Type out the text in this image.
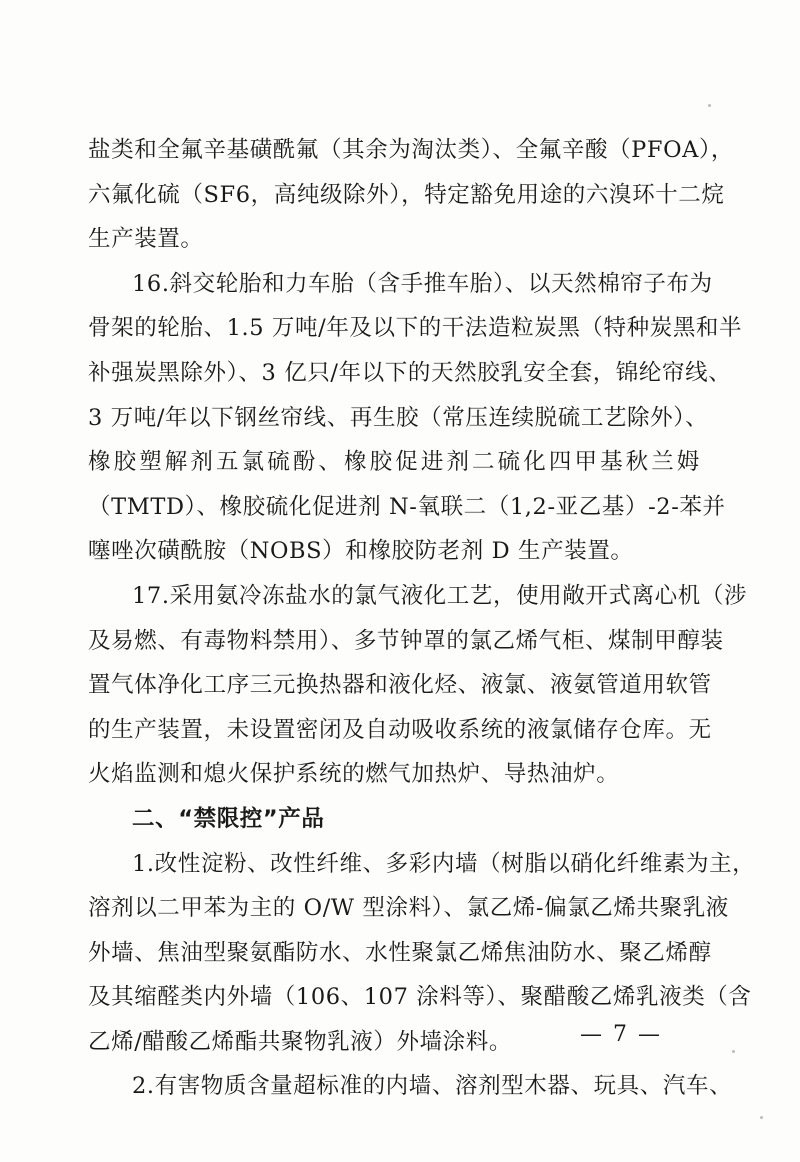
盐类和全氟辛基磺酰氟（其余为淘汰类）、全氟辛酸（PFOA），
六氟化硫（SF6，高纯级除外），特定豁免用途的六溴环十二烷
生产装置。
16.斜交轮胎和力车胎（含手推车胎）、以天然棉帘子布为
骨架的轮胎、1.5 万吨/年及以下的干法造粒炭黑（特种炭黑和半
补强炭黑除外）、3 亿只/年以下的天然胶乳安全套，锦纶帘线、
3 万吨/年以下钢丝帘线、再生胶（常压连续脱硫工艺除外）、
橡胶塑解剂五氯硫酚、橡胶促进剂二硫化四甲基秋兰姆
（TMTD）、橡胶硫化促进剂 N-氧联二（1,2-亚乙基）-2-苯并
噻唑次磺酰胺（NOBS）和橡胶防老剂 D 生产装置。
17.采用氨冷冻盐水的氯气液化工艺，使用敞开式离心机（涉
及易燃、有毒物料禁用）、多节钟罩的氯乙烯气柜、煤制甲醇装
置气体净化工序三元换热器和液化烃、液氯、液氨管道用软管
的生产装置，未设置密闭及自动吸收系统的液氯储存仓库。无
火焰监测和熄火保护系统的燃气加热炉、导热油炉。
二、“禁限控”产品
1.改性淀粉、改性纤维、多彩内墙（树脂以硝化纤维素为主，
溶剂以二甲苯为主的 O/W 型涂料）、氯乙烯-偏氯乙烯共聚乳液
外墙、焦油型聚氨酯防水、水性聚氯乙烯焦油防水、聚乙烯醇
及其缩醛类内外墙（106、107 涂料等）、聚醋酸乙烯乳液类（含
乙烯/醋酸乙烯酯共聚物乳液）外墙涂料。
2.有害物质含量超标准的内墙、溶剂型木器、玩具、汽车、
— 7 —
